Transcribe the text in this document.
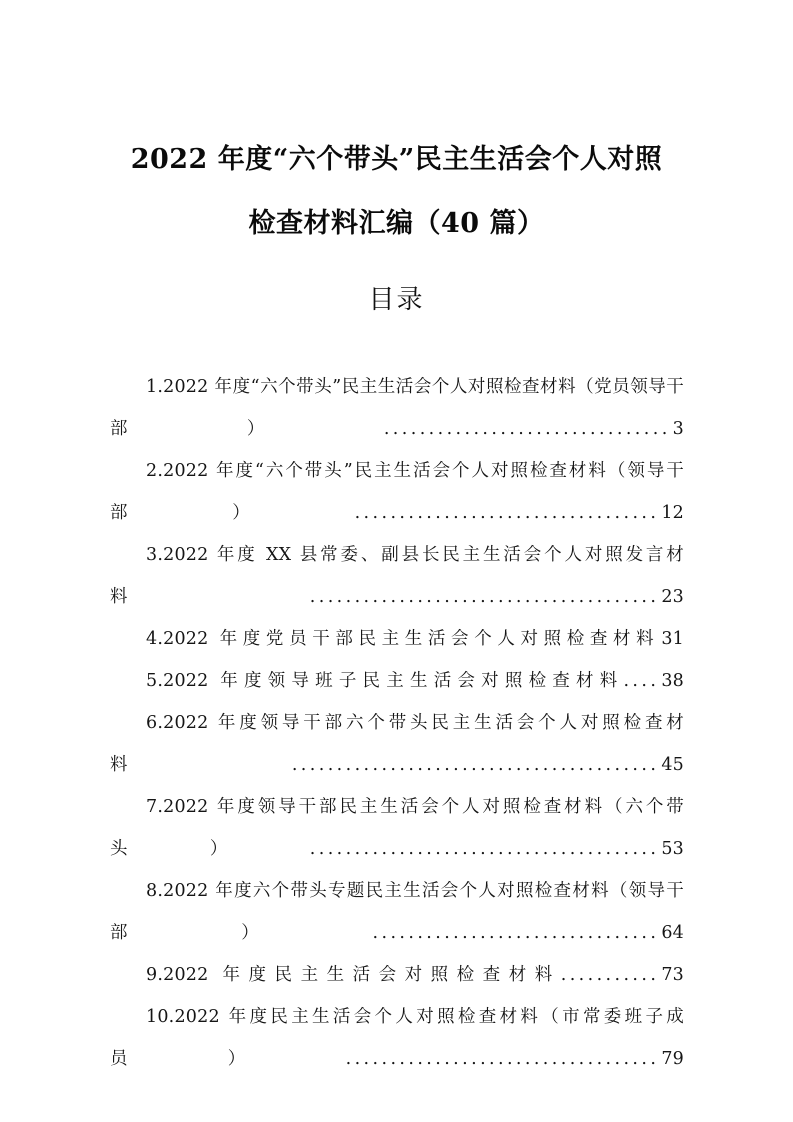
2022 年度“六个带头”民主生活会个人对照
检查材料汇编（40 篇）
目录

1.2022 年度“六个带头”民主生活会个人对照检查材料（党员领导干部）................................ 3

2.2022 年度“六个带头”民主生活会个人对照检查材料（领导干部）.................................. 12

3.2022 年度 XX 县常委、副县长民主生活会个人对照发言材料....................................... 23

4.2022 年度党员干部民主生活会个人对照检查材料 31

5.2022 年度领导班子民主生活会对照检查材料.... 38

6.2022 年度领导干部六个带头民主生活会个人对照检查材料......................................... 45

7.2022 年度领导干部民主生活会个人对照检查材料（六个带头）....................................... 53

8.2022 年度六个带头专题民主生活会个人对照检查材料（领导干部）................................ 64

9.2022 年度民主生活会对照检查材料........... 73

10.2022 年度民主生活会个人对照检查材料（市常委班子成员）................................... 79
